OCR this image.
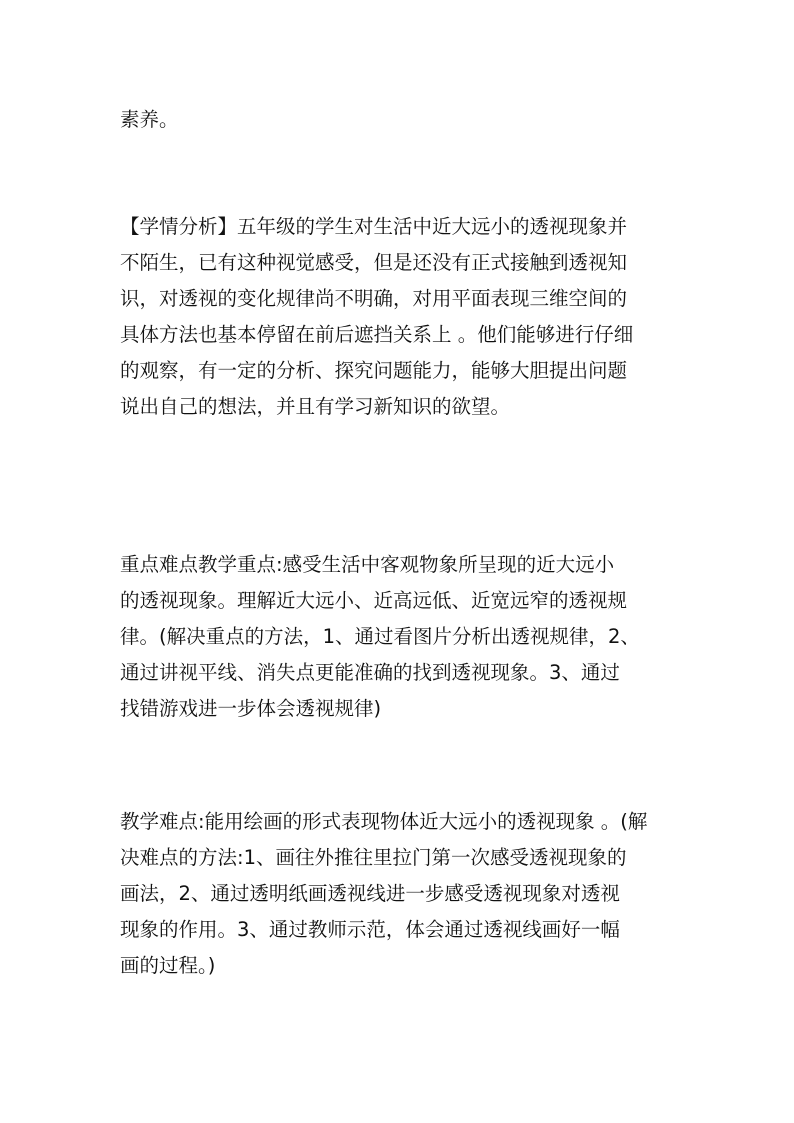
素养。
【学情分析】五年级的学生对生活中近大远小的透视现象并
不陌生，已有这种视觉感受，但是还没有正式接触到透视知
识，对透视的变化规律尚不明确，对用平面表现三维空间的
具体方法也基本停留在前后遮挡关系上 。他们能够进行仔细
的观察，有一定的分析、探究问题能力，能够大胆提出问题
说出自己的想法，并且有学习新知识的欲望。
重点难点教学重点:感受生活中客观物象所呈现的近大远小
的透视现象。理解近大远小、近高远低、近宽远窄的透视规
律。(解决重点的方法，1、通过看图片分析出透视规律，2、
通过讲视平线、消失点更能准确的找到透视现象。3、通过
找错游戏进一步体会透视规律)
教学难点:能用绘画的形式表现物体近大远小的透视现象 。(解
决难点的方法:1、画往外推往里拉门第一次感受透视现象的
画法，2、通过透明纸画透视线进一步感受透视现象对透视
现象的作用。3、通过教师示范，体会通过透视线画好一幅
画的过程。)
